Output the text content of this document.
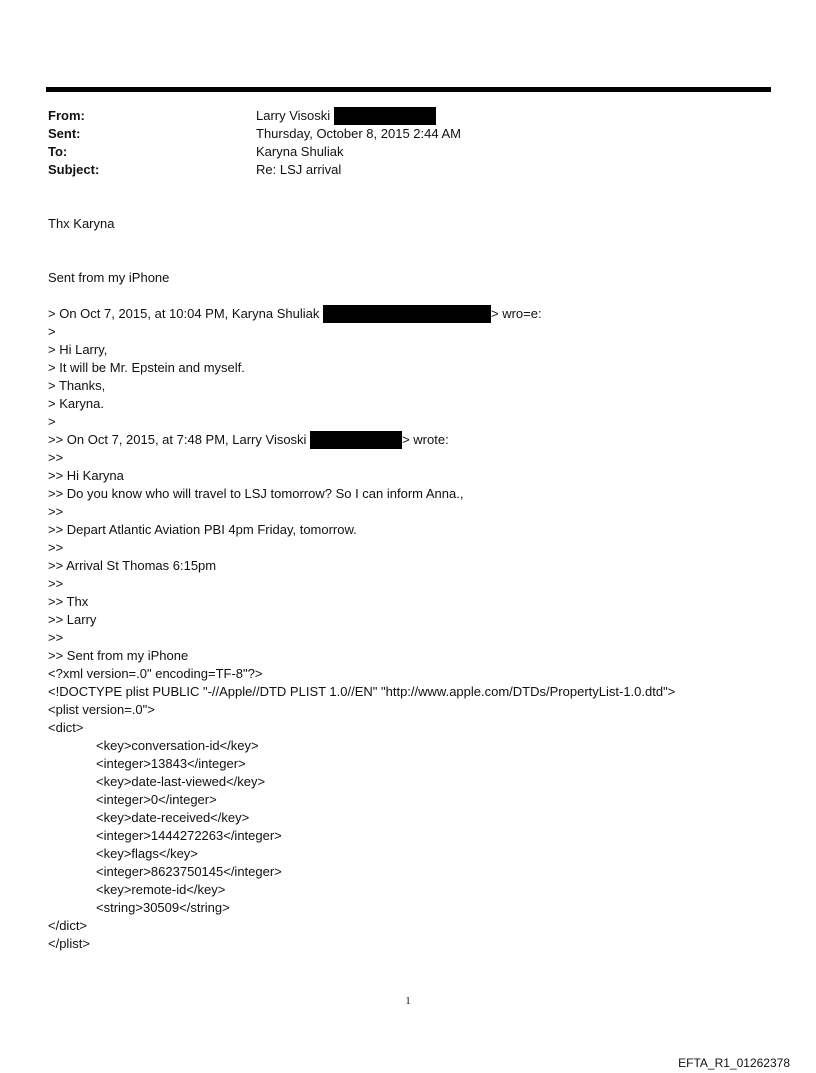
From:	Larry Visoski
Sent:	Thursday, October 8, 2015 2:44 AM
To:	Karyna Shuliak
Subject:	Re: LSJ arrival
Thx Karyna
Sent from my iPhone
> On Oct 7, 2015, at 10:04 PM, Karyna Shuliak	> wro=e:
>
> Hi Larry,
> It will be Mr. Epstein and myself.
> Thanks,
> Karyna.
>
>> On Oct 7, 2015, at 7:48 PM, Larry Visoski	> wrote:
>>
>> Hi Karyna
>> Do you know who will travel to LSJ tomorrow? So I can inform Anna.,
>>
>> Depart Atlantic Aviation PBI 4pm Friday, tomorrow.
>>
>> Arrival St Thomas 6:15pm
>>
>> Thx
>> Larry
>>
>> Sent from my iPhone
<?xml version=.0" encoding=TF-8"?>
<!DOCTYPE plist PUBLIC "-//Apple//DTD PLIST 1.0//EN" "http://www.apple.com/DTDs/PropertyList-1.0.dtd">
<plist version=.0">
<dict>
<key>conversation-id</key>
<integer>13843</integer>
<key>date-last-viewed</key>
<integer>0</integer>
<key>date-received</key>
<integer>1444272263</integer>
<key>flags</key>
<integer>8623750145</integer>
<key>remote-id</key>
<string>30509</string>
</dict>
</plist>
1
EFTA_R1_01262378
